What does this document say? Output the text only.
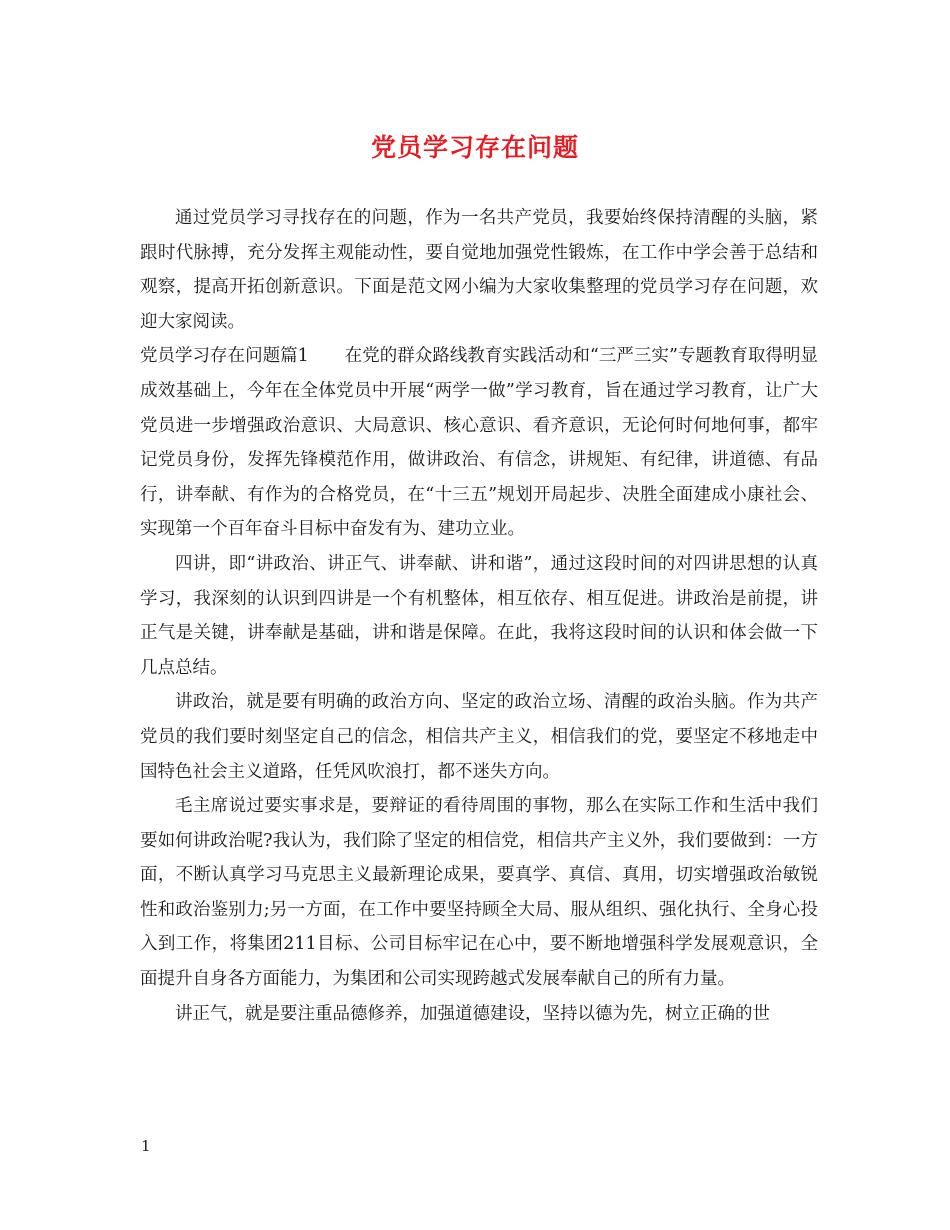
党员学习存在问题

通过党员学习寻找存在的问题，作为一名共产党员，我要始终保持清醒的头脑，紧跟时代脉搏，充分发挥主观能动性，要自觉地加强党性锻炼，在工作中学会善于总结和观察，提高开拓创新意识。下面是范文网小编为大家收集整理的党员学习存在问题，欢迎大家阅读。

党员学习存在问题篇1 在党的群众路线教育实践活动和“三严三实”专题教育取得明显成效基础上，今年在全体党员中开展“两学一做”学习教育，旨在通过学习教育，让广大党员进一步增强政治意识、大局意识、核心意识、看齐意识，无论何时何地何事，都牢记党员身份，发挥先锋模范作用，做讲政治、有信念，讲规矩、有纪律，讲道德、有品行，讲奉献、有作为的合格党员，在“十三五”规划开局起步、决胜全面建成小康社会、实现第一个百年奋斗目标中奋发有为、建功立业。

四讲，即“讲政治、讲正气、讲奉献、讲和谐”，通过这段时间的对四讲思想的认真学习，我深刻的认识到四讲是一个有机整体，相互依存、相互促进。讲政治是前提，讲正气是关键，讲奉献是基础，讲和谐是保障。在此，我将这段时间的认识和体会做一下几点总结。

讲政治，就是要有明确的政治方向、坚定的政治立场、清醒的政治头脑。作为共产党员的我们要时刻坚定自己的信念，相信共产主义，相信我们的党，要坚定不移地走中国特色社会主义道路，任凭风吹浪打，都不迷失方向。

毛主席说过要实事求是，要辩证的看待周围的事物，那么在实际工作和生活中我们要如何讲政治呢?我认为，我们除了坚定的相信党，相信共产主义外，我们要做到：一方面，不断认真学习马克思主义最新理论成果，要真学、真信、真用，切实增强政治敏锐性和政治鉴别力;另一方面，在工作中要坚持顾全大局、服从组织、强化执行、全身心投入到工作，将集团211目标、公司目标牢记在心中，要不断地增强科学发展观意识，全面提升自身各方面能力，为集团和公司实现跨越式发展奉献自己的所有力量。

讲正气，就是要注重品德修养，加强道德建设，坚持以德为先，树立正确的世

1
